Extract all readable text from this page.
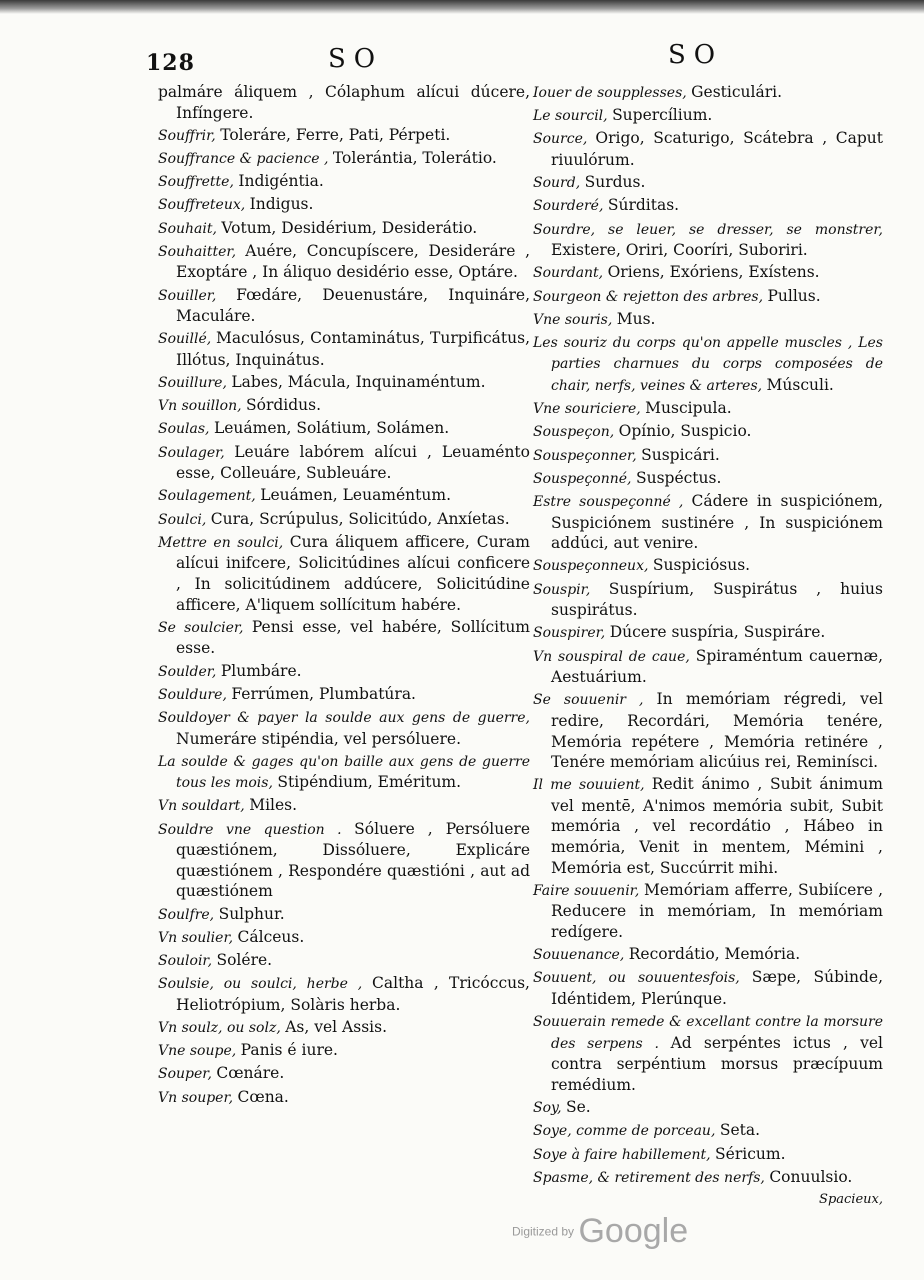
128	SO	SO

palmáre áliquem , Cólaphum alícui dúcere, Infíngere.

Souffrir, Toleráre, Ferre, Pati, Pérpeti.

Souffrance & pacience , Tolerántia, Tolerátio.

Souffrette, Indigéntia.

Souffreteux, Indigus.

Souhait, Votum, Desidérium, Desiderátio.

Souhaitter, Auére, Concupíscere, Desideráre , Exoptáre , In áliquo desidério esse, Optáre.

Souiller, Fœdáre, Deuenustáre, Inquináre, Maculáre.

Souillé, Maculósus, Contaminátus, Turpificátus, Illótus, Inquinátus.

Souillure, Labes, Mácula, Inquinaméntum.

Vn souillon, Sórdidus.

Soulas, Leuámen, Solátium, Solámen.

Soulager, Leuáre labórem alícui , Leuaménto esse, Colleuáre, Subleuáre.

Soulagement, Leuámen, Leuaméntum.

Soulci, Cura, Scrúpulus, Solicitúdo, Anxíetas.

Mettre en soulci, Cura áliquem afficere, Curam alícui inifcere, Solicitúdines alícui conficere , In solicitúdinem addúcere, Solicitúdine afficere, A'liquem sollícitum habére.

Se soulcier, Pensi esse, vel habére, Sollícitum esse.

Soulder, Plumbáre.

Souldure, Ferrúmen, Plumbatúra.

Souldoyer & payer la soulde aux gens de guerre, Numeráre stipéndia, vel persóluere.

La soulde & gages qu'on baille aux gens de guerre tous les mois, Stipéndium, Eméritum.

Vn souldart, Miles.

Souldre vne question . Sóluere , Persóluere quæstiónem, Dissóluere, Explicáre quæstiónem , Respondére quæstióni , aut ad quæstiónem

Soulfre, Sulphur.

Vn soulier, Cálceus.

Souloir, Solére.

Soulsie, ou soulci, herbe , Caltha , Tricóccus, Heliotrópium, Solàris herba.

Vn soulz, ou solz, As, vel Assis.

Vne soupe, Panis é iure.

Souper, Cœnáre.

Vn souper, Cœna.

Iouer de soupplesses, Gesticulári.

Le sourcil, Supercílium.

Source, Origo, Scaturigo, Scátebra , Caput riuulórum.

Sourd, Surdus.

Sourderé, Súrditas.

Sourdre, se leuer, se dresser, se monstrer, Existere, Oriri, Cooríri, Suboriri.

Sourdant, Oriens, Exóriens, Exístens.

Sourgeon & rejetton des arbres, Pullus.

Vne souris, Mus.

Les souriz du corps qu'on appelle muscles , Les parties charnues du corps composées de chair, nerfs, veines & arteres, Músculi.

Vne souriciere, Muscipula.

Souspeçon, Opínio, Suspicio.

Souspeçonner, Suspicári.

Souspeçonné, Suspéctus.

Estre souspeçonné , Cádere in suspiciónem, Suspiciónem sustinére , In suspiciónem addúci, aut venire.

Souspeçonneux, Suspiciósus.

Souspir, Suspírium, Suspirátus , huius suspirátus.

Souspirer, Dúcere suspíria, Suspiráre.

Vn souspiral de caue, Spiraméntum cauernæ, Aestuárium.

Se souuenir , In memóriam régredi, vel redire, Recordári, Memória tenére, Memória repétere , Memória retinére , Tenére memóriam alicúius rei, Reminísci.

Il me souuient, Redit ánimo , Subit ánimum vel mentē, A'nimos memória subit, Subit memória , vel recordátio , Hábeo in memória, Venit in mentem, Mémini , Memória est, Succúrrit mihi.

Faire souuenir, Memóriam afferre, Subiícere , Reducere in memóriam, In memóriam redígere.

Souuenance, Recordátio, Memória.

Souuent, ou souuentesfois, Sæpe, Súbinde, Idéntidem, Plerúnque.

Souuerain remede & excellant contre la morsure des serpens . Ad serpéntes ictus , vel contra serpéntium morsus præcípuum remédium.

Soy, Se.

Soye, comme de porceau, Seta.

Soye à faire habillement, Séricum.

Spasme, & retirement des nerfs, Conuulsio.

Spacieux,
Digitized by Google
